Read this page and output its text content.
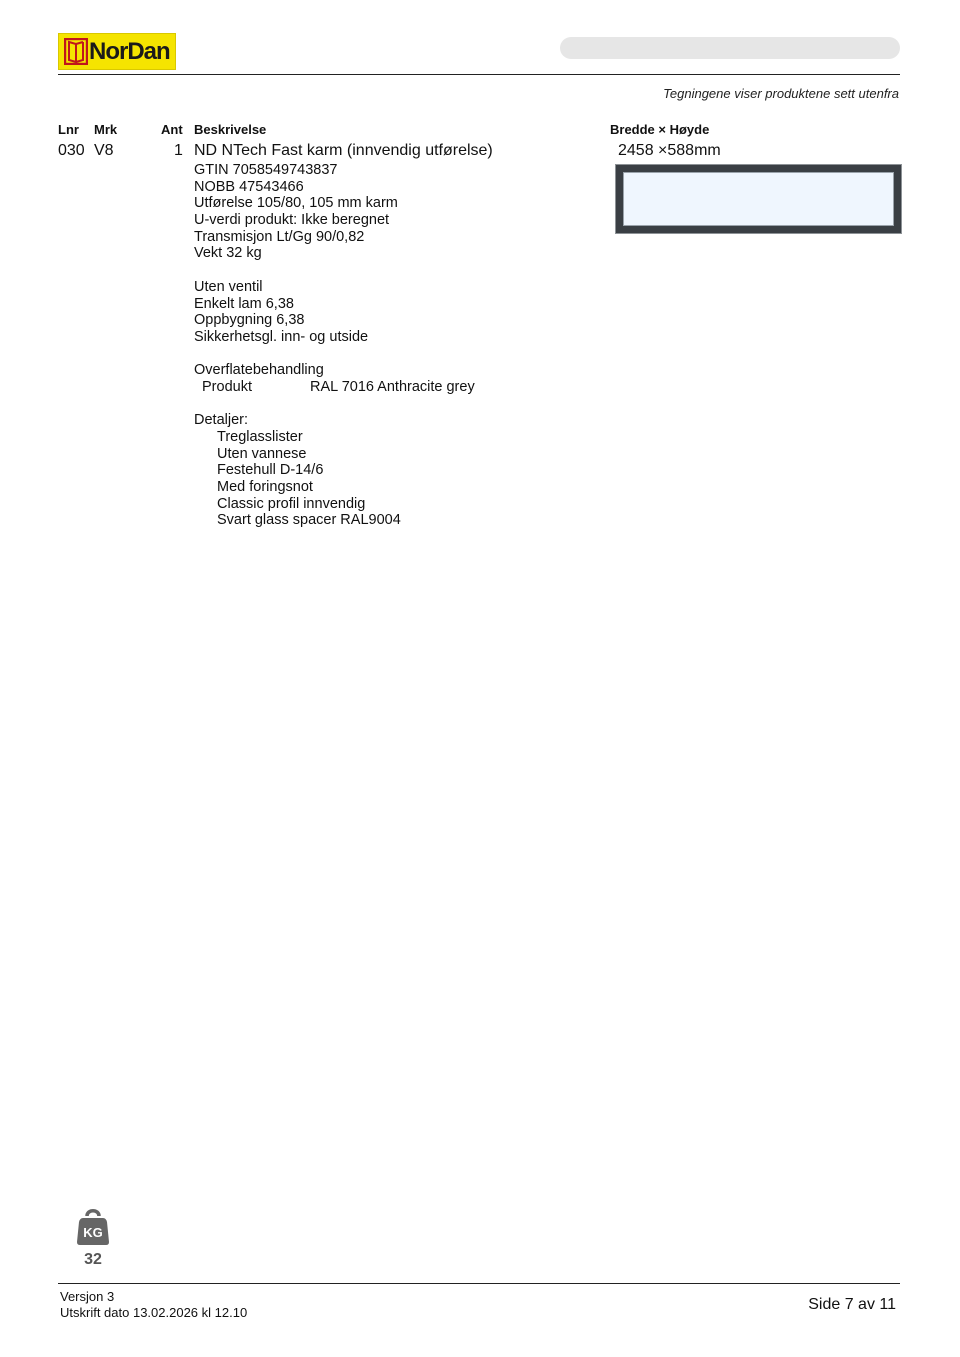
NorDan
Tegningene viser produktene sett utenfra
Lnr Mrk	Ant Beskrivelse	Bredde × Høyde
030 V8	1 ND NTech Fast karm (innvendig utførelse)	2458 ×588mm
GTIN 7058549743837
NOBB 47543466
Utførelse 105/80, 105 mm karm
U-verdi produkt: Ikke beregnet
Transmisjon Lt/Gg 90/0,82
Vekt 32 kg
Uten ventil
Enkelt lam 6,38
Oppbygning 6,38
Sikkerhetsgl. inn- og utside
Overflatebehandling
Produkt	RAL 7016 Anthracite grey
Detaljer:
Treglasslister
Uten vannese
Festehull D-14/6
Med foringsnot
Classic profil innvendig
Svart glass spacer RAL9004
KG
32
Versjon 3
Utskrift dato 13.02.2026 kl 12.10	Side 7 av 11
